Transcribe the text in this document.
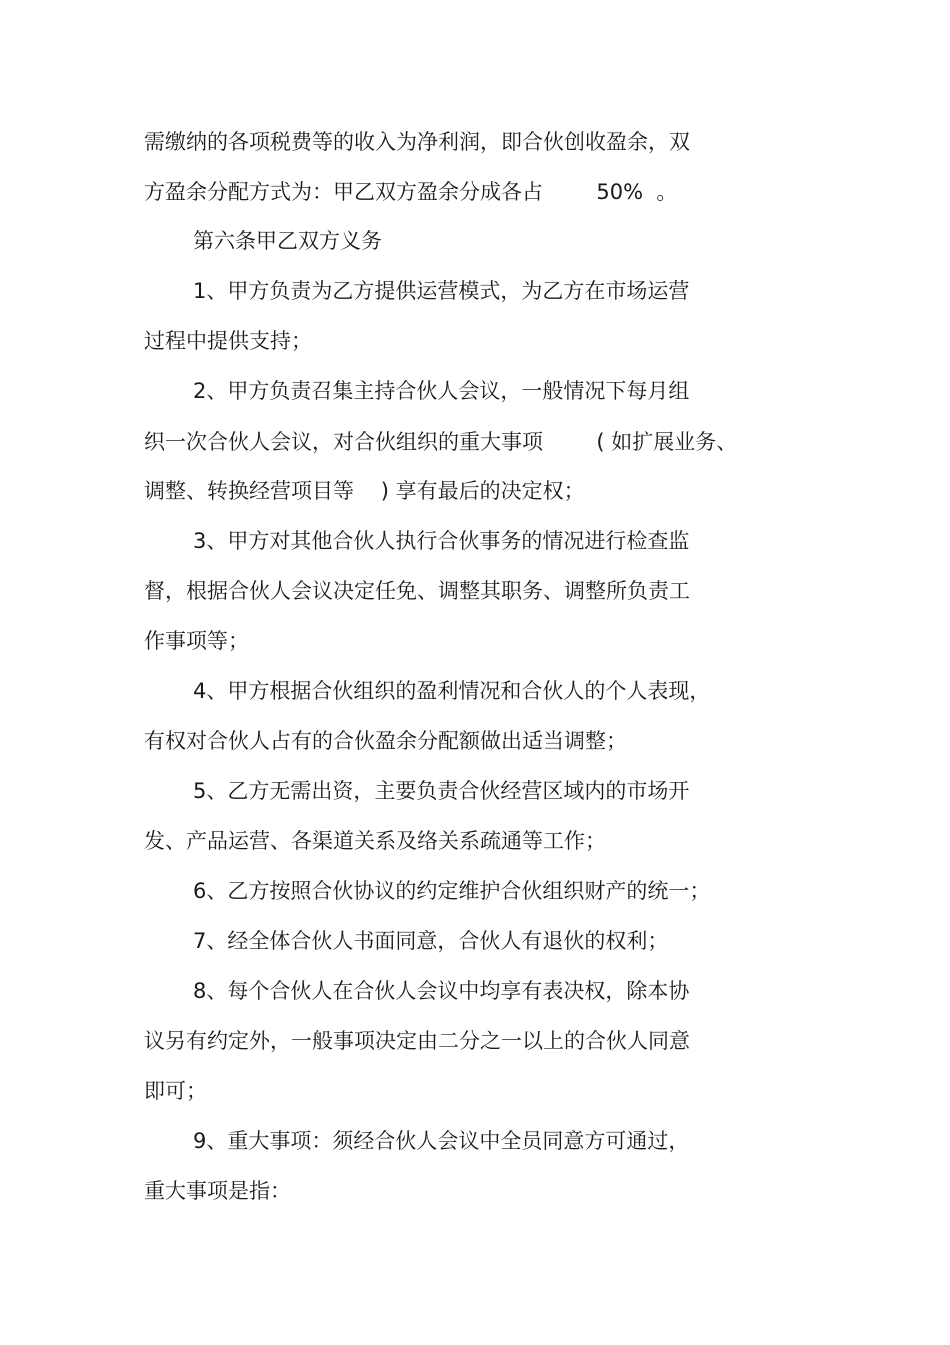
需缴纳的各项税费等的收入为净利润，即合伙创收盈余，双
方盈余分配方式为：甲乙双方盈余分成各占        50%  。
第六条甲乙双方义务
1、甲方负责为乙方提供运营模式，为乙方在市场运营
过程中提供支持；
2、甲方负责召集主持合伙人会议，一般情况下每月组
织一次合伙人会议，对合伙组织的重大事项        ( 如扩展业务、
调整、转换经营项目等    ) 享有最后的决定权；
3、甲方对其他合伙人执行合伙事务的情况进行检查监
督，根据合伙人会议决定任免、调整其职务、调整所负责工
作事项等；
4、甲方根据合伙组织的盈利情况和合伙人的个人表现，
有权对合伙人占有的合伙盈余分配额做出适当调整；
5、乙方无需出资，主要负责合伙经营区域内的市场开
发、产品运营、各渠道关系及络关系疏通等工作；
6、乙方按照合伙协议的约定维护合伙组织财产的统一；
7、经全体合伙人书面同意，合伙人有退伙的权利；
8、每个合伙人在合伙人会议中均享有表决权，除本协
议另有约定外，一般事项决定由二分之一以上的合伙人同意
即可；
9、重大事项：须经合伙人会议中全员同意方可通过，
重大事项是指：
